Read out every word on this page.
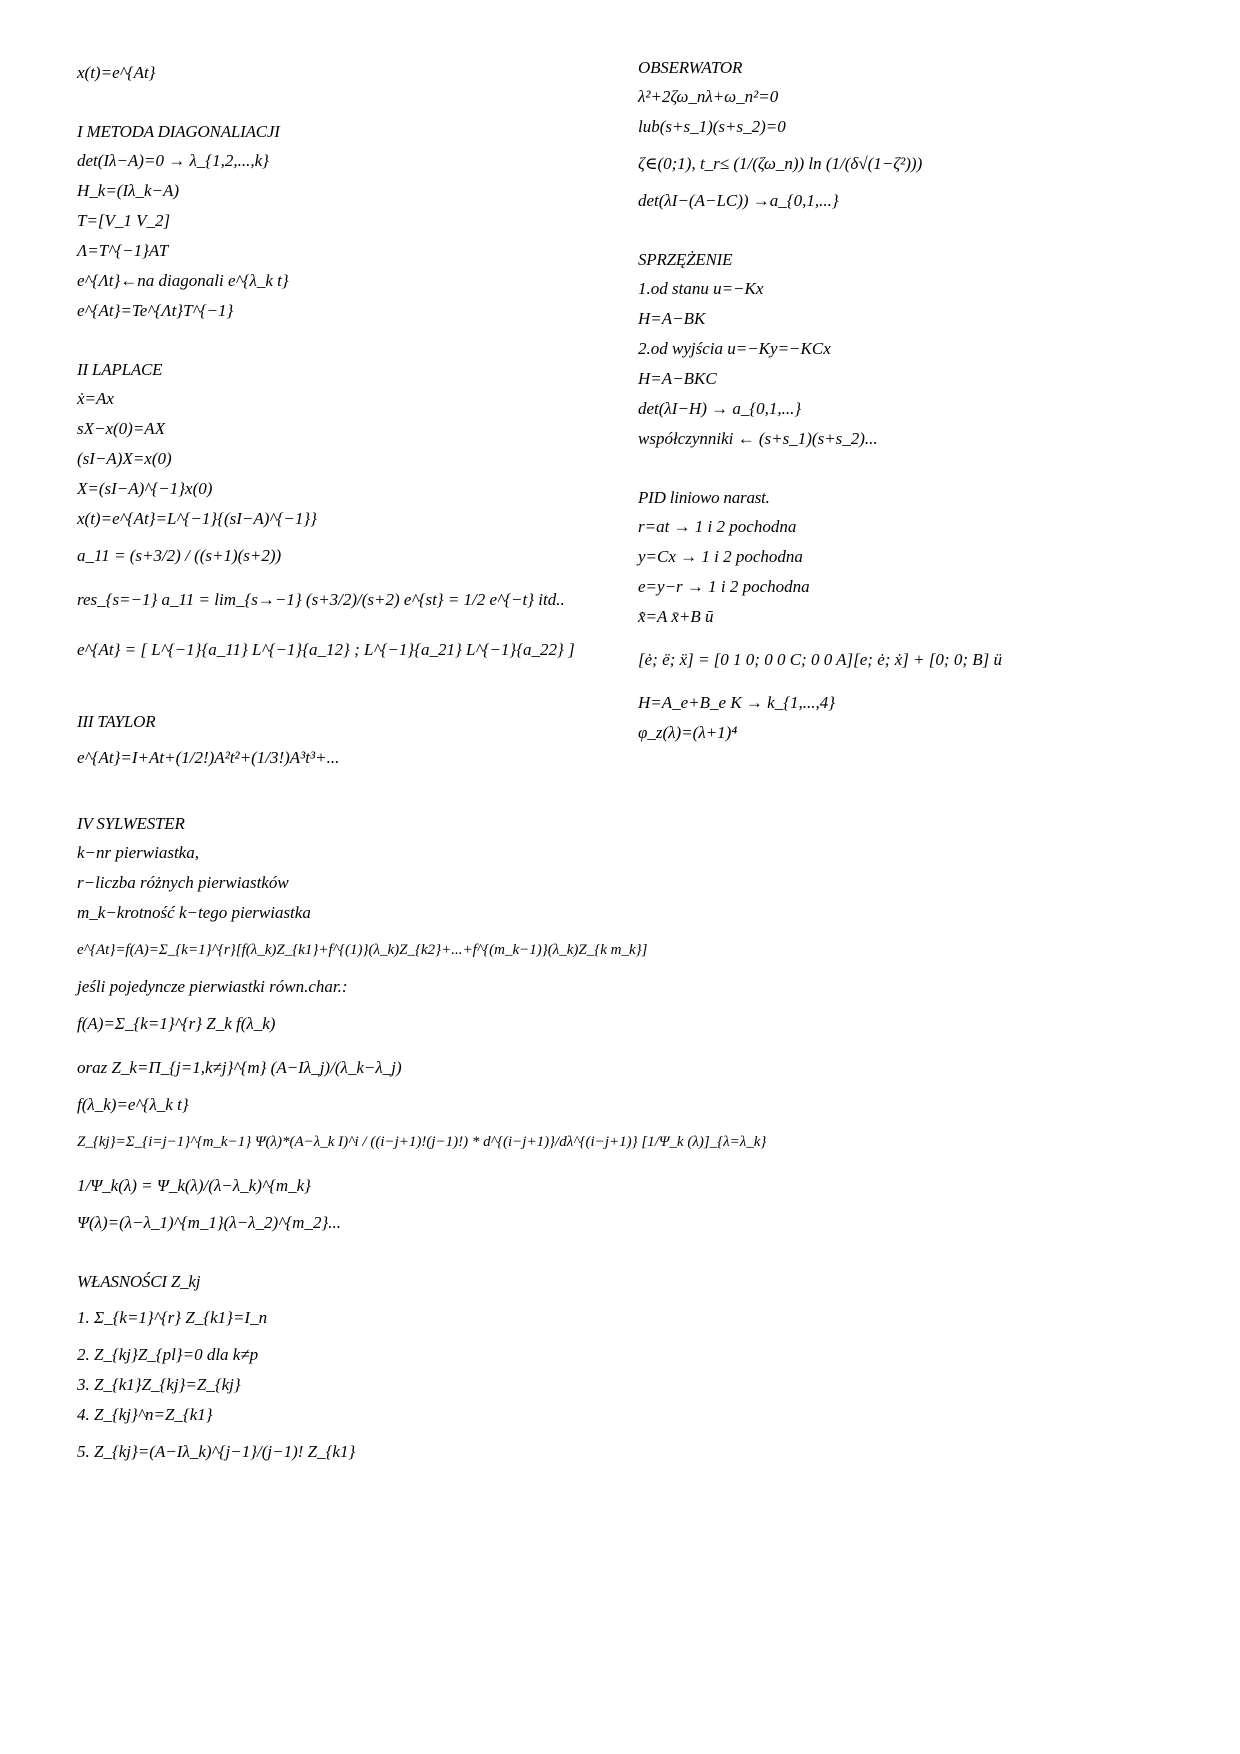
x(t)=e^{At}
I METODA DIAGONALIACJI
det(Iλ−A)=0 → λ_{1,2,...,k}
H_k=(Iλ_k−A)
T=[V_1 V_2]
Λ=T^{−1}AT
e^{Λt}←na diagonali e^{λ_k t}
e^{At}=Te^{Λt}T^{−1}
II LAPLACE
ẋ=Ax
sX−x(0)=AX
(sI−A)X=x(0)
X=(sI−A)^{−1}x(0)
x(t)=e^{At}=L^{−1}{(sI−A)^{−1}}
a_11 = (s+3/2) / ((s+1)(s+2))
res_{s=−1} a_11 = lim_{s→−1} (s+3/2)/(s+2) e^{st} = 1/2 e^{−t} itd..
e^{At} = [ L^{−1}{a_11} L^{−1}{a_12} ; L^{−1}{a_21} L^{−1}{a_22} ]
III TAYLOR
e^{At}=I+At+(1/2!)A²t²+(1/3!)A³t³+...
IV SYLWESTER
k−nr pierwiastka,
r−liczba różnych pierwiastków
m_k−krotność k−tego pierwiastka
e^{At}=f(A)=Σ_{k=1}^{r}[f(λ_k)Z_{k1}+f^{(1)}(λ_k)Z_{k2}+...+f^{(m_k−1)}(λ_k)Z_{k m_k}]
jeśli pojedyncze pierwiastki równ.char.:
f(A)=Σ_{k=1}^{r} Z_k f(λ_k)
oraz Z_k=Π_{j=1,k≠j}^{m} (A−Iλ_j)/(λ_k−λ_j)
f(λ_k)=e^{λ_k t}
Z_{kj}=Σ_{i=j−1}^{m_k−1} Ψ(λ)*(A−λ_k I)^i / ((i−j+1)!(j−1)!) * d^{(i−j+1)}/dλ^{(i−j+1)} [1/Ψ_k (λ)]_{λ=λ_k}
1/Ψ_k(λ) = Ψ_k(λ)/(λ−λ_k)^{m_k}
Ψ(λ)=(λ−λ_1)^{m_1}(λ−λ_2)^{m_2}...
WŁASNOŚCI Z_kj
1. Σ_{k=1}^{r} Z_{k1}=I_n
2. Z_{kj}Z_{pl}=0 dla k≠p
3. Z_{k1}Z_{kj}=Z_{kj}
4. Z_{kj}^n=Z_{k1}
5. Z_{kj}=(A−Iλ_k)^{j−1}/(j−1)! Z_{k1}
OBSERWATOR
λ²+2ζω_nλ+ω_n²=0
lub(s+s_1)(s+s_2)=0
ζ∈(0;1), t_r≤ (1/(ζω_n)) ln (1/(δ√(1−ζ²)))
det(λI−(A−LC)) →a_{0,1,...}
SPRZĘŻENIE
1.od stanu u=−Kx
H=A−BK
2.od wyjścia u=−Ky=−KCx
H=A−BKC
det(λI−H) → a_{0,1,...}
współczynniki ← (s+s_1)(s+s_2)...
PID liniowo narast.
r=at → 1 i 2 pochodna
y=Cx → 1 i 2 pochodna
e=y−r → 1 i 2 pochodna
x̄̇=A x̄+B ū
[ė; ë; ẍ] = [0 1 0; 0 0 C; 0 0 A][e; ė; ẋ] + [0; 0; B] ü
H=A_e+B_e K → k_{1,...,4}
φ_z(λ)=(λ+1)⁴
